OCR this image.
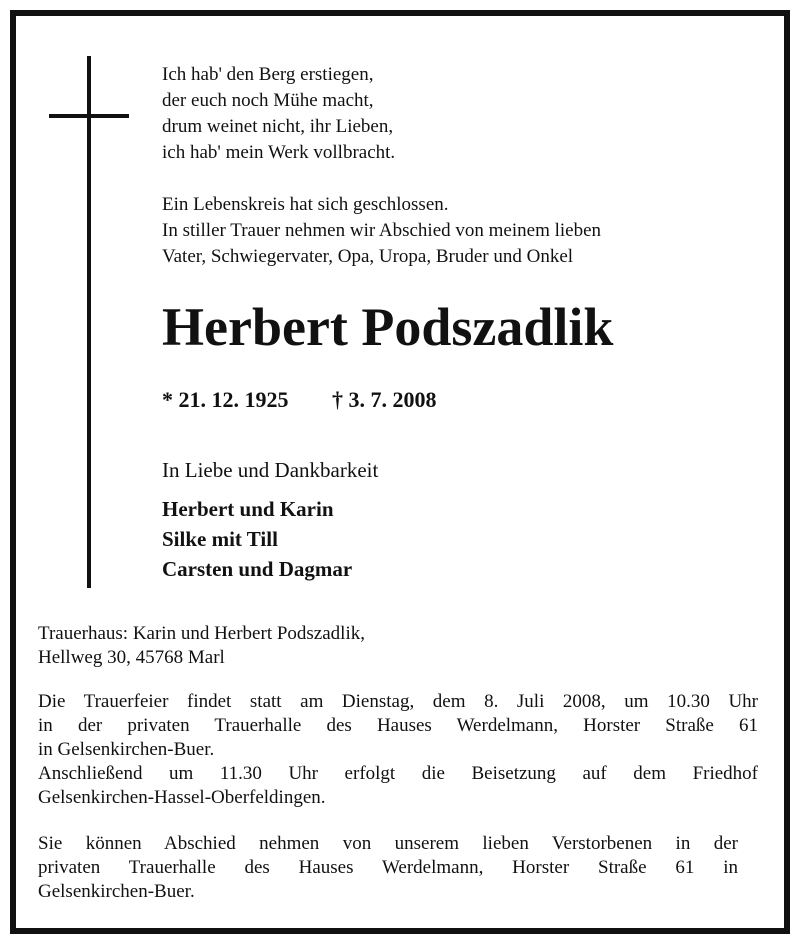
Ich hab' den Berg erstiegen,
der euch noch Mühe macht,
drum weinet nicht, ihr Lieben,
ich hab' mein Werk vollbracht.
Ein Lebenskreis hat sich geschlossen.
In stiller Trauer nehmen wir Abschied von meinem lieben
Vater, Schwiegervater, Opa, Uropa, Bruder und Onkel
Herbert Podszadlik
* 21. 12. 1925 † 3. 7. 2008
In Liebe und Dankbarkeit
Herbert und Karin
Silke mit Till
Carsten und Dagmar
Trauerhaus: Karin und Herbert Podszadlik,
Hellweg 30, 45768 Marl
Die Trauerfeier findet statt am Dienstag, dem 8. Juli 2008, um 10.30 Uhr
in der privaten Trauerhalle des Hauses Werdelmann, Horster Straße 61
in Gelsenkirchen-Buer.
Anschließend um 11.30 Uhr erfolgt die Beisetzung auf dem Friedhof
Gelsenkirchen-Hassel-Oberfeldingen.
Sie können Abschied nehmen von unserem lieben Verstorbenen in der
privaten Trauerhalle des Hauses Werdelmann, Horster Straße 61 in
Gelsenkirchen-Buer.
